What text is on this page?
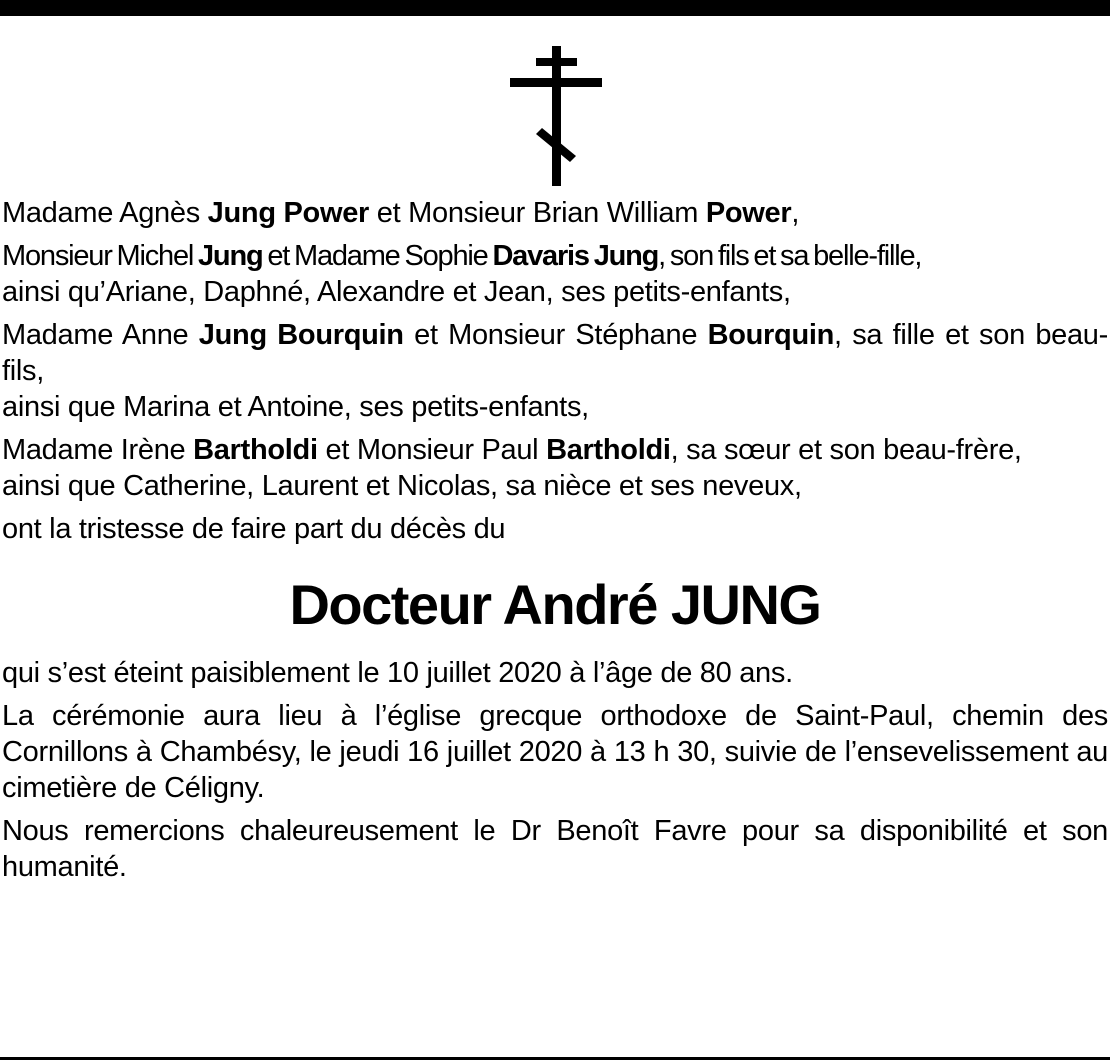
Madame Agnès Jung Power et Monsieur Brian William Power,

Monsieur Michel Jung et Madame Sophie Davaris Jung, son fils et sa belle-fille,
ainsi qu’Ariane, Daphné, Alexandre et Jean, ses petits-enfants,

Madame Anne Jung Bourquin et Monsieur Stéphane Bourquin, sa fille et son beau-fils,
ainsi que Marina et Antoine, ses petits-enfants,

Madame Irène Bartholdi et Monsieur Paul Bartholdi, sa sœur et son beau-frère,
ainsi que Catherine, Laurent et Nicolas, sa nièce et ses neveux,

ont la tristesse de faire part du décès du

Docteur André JUNG

qui s’est éteint paisiblement le 10 juillet 2020 à l’âge de 80 ans.

La cérémonie aura lieu à l’église grecque orthodoxe de Saint-Paul, chemin des Cornillons à Chambésy, le jeudi 16 juillet 2020 à 13 h 30, suivie de l’ensevelissement au cimetière de Céligny.

Nous remercions chaleureusement le Dr Benoît Favre pour sa disponibilité et son humanité.
